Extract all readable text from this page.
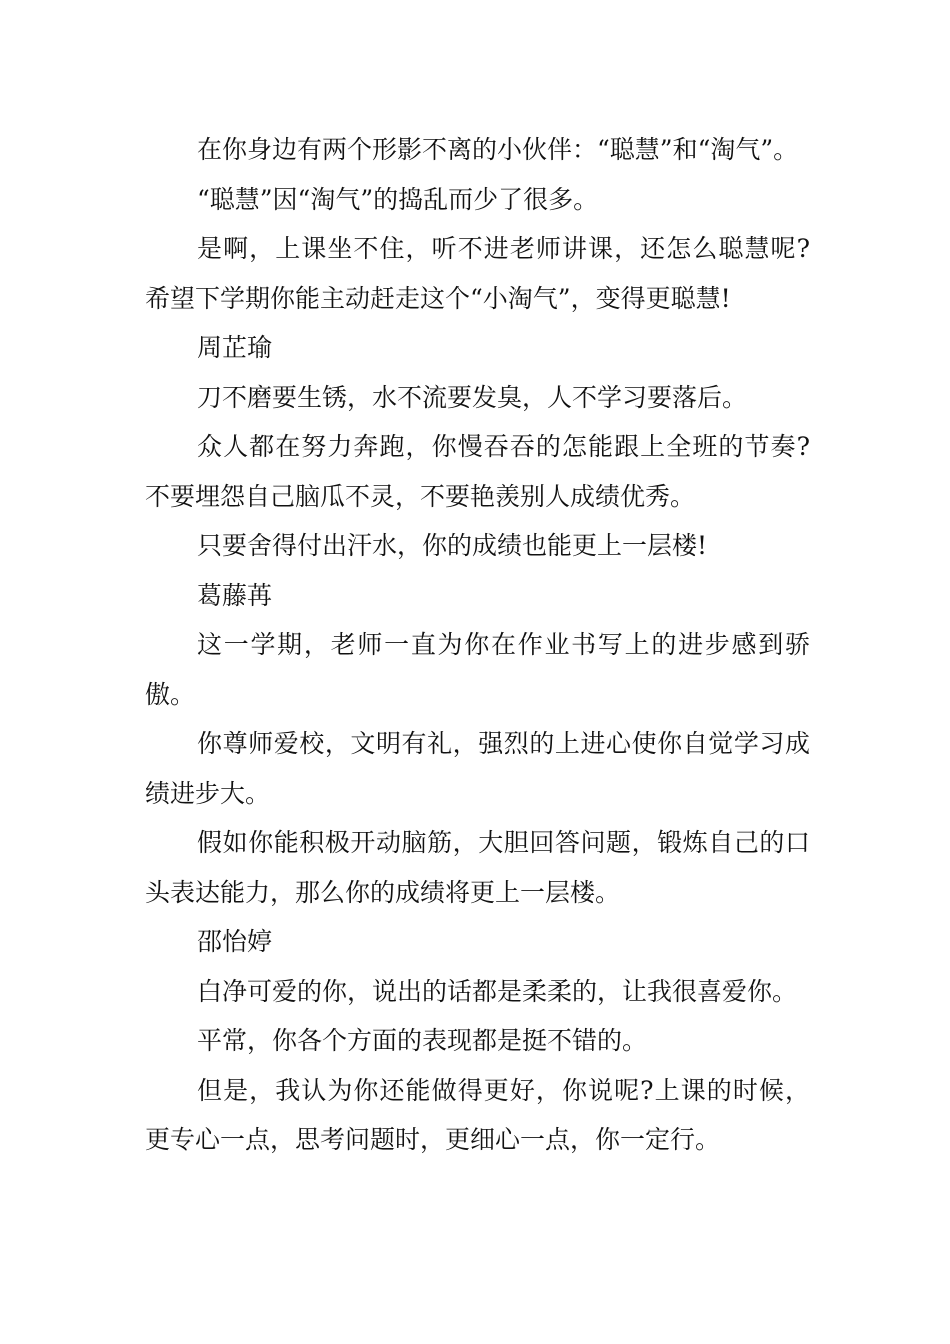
在你身边有两个形影不离的小伙伴：“聪慧”和“淘气”。

“聪慧”因“淘气”的捣乱而少了很多。

是啊，上课坐不住，听不进老师讲课，还怎么聪慧呢?希望下学期你能主动赶走这个“小淘气”，变得更聪慧!

周芷瑜

刀不磨要生锈，水不流要发臭，人不学习要落后。

众人都在努力奔跑，你慢吞吞的怎能跟上全班的节奏?不要埋怨自己脑瓜不灵，不要艳羡别人成绩优秀。

只要舍得付出汗水，你的成绩也能更上一层楼!

葛藤苒

这一学期，老师一直为你在作业书写上的进步感到骄傲。

你尊师爱校，文明有礼，强烈的上进心使你自觉学习成绩进步大。

假如你能积极开动脑筋，大胆回答问题，锻炼自己的口头表达能力，那么你的成绩将更上一层楼。

邵怡婷

白净可爱的你，说出的话都是柔柔的，让我很喜爱你。

平常，你各个方面的表现都是挺不错的。

但是，我认为你还能做得更好，你说呢?上课的时候，更专心一点，思考问题时，更细心一点，你一定行。
